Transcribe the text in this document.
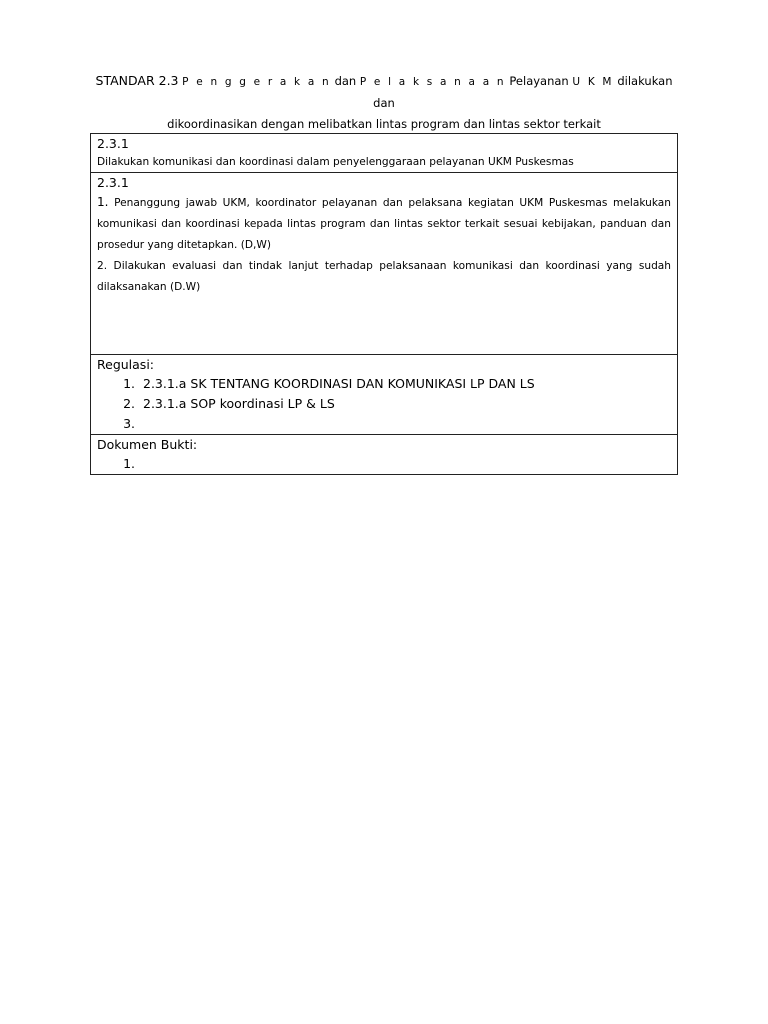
STANDAR 2.3 P e n g g e r a k a n dan P e l a k s a n a a n Pelayanan U K M dilakukan dan
dikoordinasikan dengan melibatkan lintas program dan lintas sektor terkait
2.3.1
Dilakukan komunikasi dan koordinasi dalam penyelenggaraan pelayanan UKM Puskesmas

2.3.1
1. Penanggung jawab UKM, koordinator pelayanan dan pelaksana kegiatan UKM Puskesmas melakukan komunikasi dan koordinasi kepada lintas program dan lintas sektor terkait sesuai kebijakan, panduan dan prosedur yang ditetapkan. (D,W)
2. Dilakukan evaluasi dan tindak lanjut terhadap pelaksanaan komunikasi dan koordinasi yang sudah dilaksanakan (D.W)

Regulasi:
1. 2.3.1.a SK TENTANG KOORDINASI DAN KOMUNIKASI LP DAN LS
2. 2.3.1.a SOP koordinasi LP & LS
3.

Dokumen Bukti:
1.
